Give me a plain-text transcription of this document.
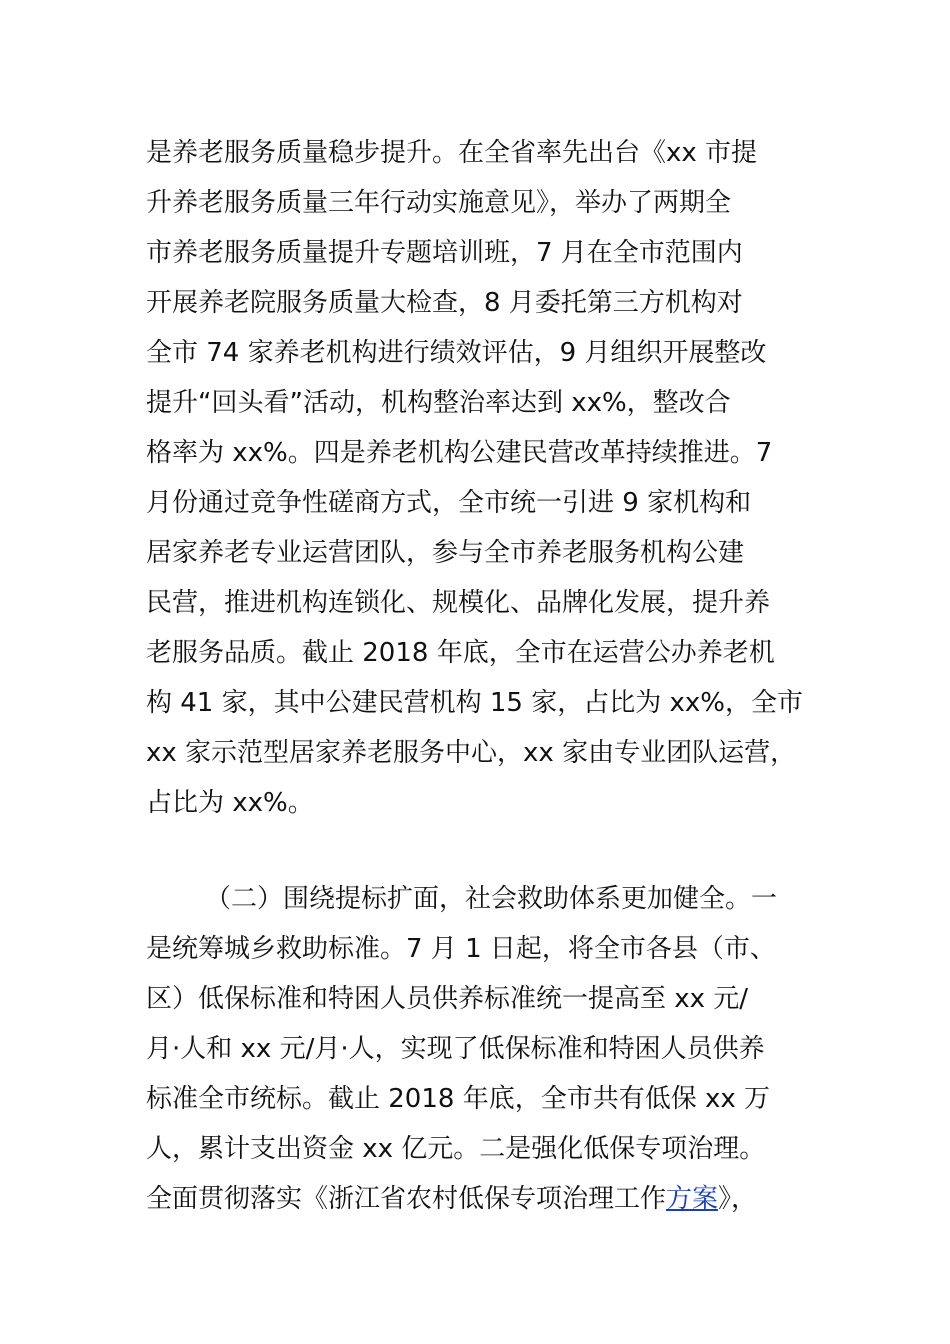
是养老服务质量稳步提升。在全省率先出台《xx 市提
升养老服务质量三年行动实施意见》，举办了两期全
市养老服务质量提升专题培训班，7 月在全市范围内
开展养老院服务质量大检查，8 月委托第三方机构对
全市 74 家养老机构进行绩效评估，9 月组织开展整改
提升“回头看”活动，机构整治率达到 xx%，整改合
格率为 xx%。四是养老机构公建民营改革持续推进。7
月份通过竞争性磋商方式，全市统一引进 9 家机构和
居家养老专业运营团队，参与全市养老服务机构公建
民营，推进机构连锁化、规模化、品牌化发展，提升养
老服务品质。截止 2018 年底，全市在运营公办养老机
构 41 家，其中公建民营机构 15 家，占比为 xx%，全市
xx 家示范型居家养老服务中心，xx 家由专业团队运营，
占比为 xx%。
（二）围绕提标扩面，社会救助体系更加健全。一
是统筹城乡救助标准。7 月 1 日起，将全市各县（市、
区）低保标准和特困人员供养标准统一提高至 xx 元/
月·人和 xx 元/月·人，实现了低保标准和特困人员供养
标准全市统标。截止 2018 年底，全市共有低保 xx 万
人，累计支出资金 xx 亿元。二是强化低保专项治理。
全面贯彻落实《浙江省农村低保专项治理工作方案》，
